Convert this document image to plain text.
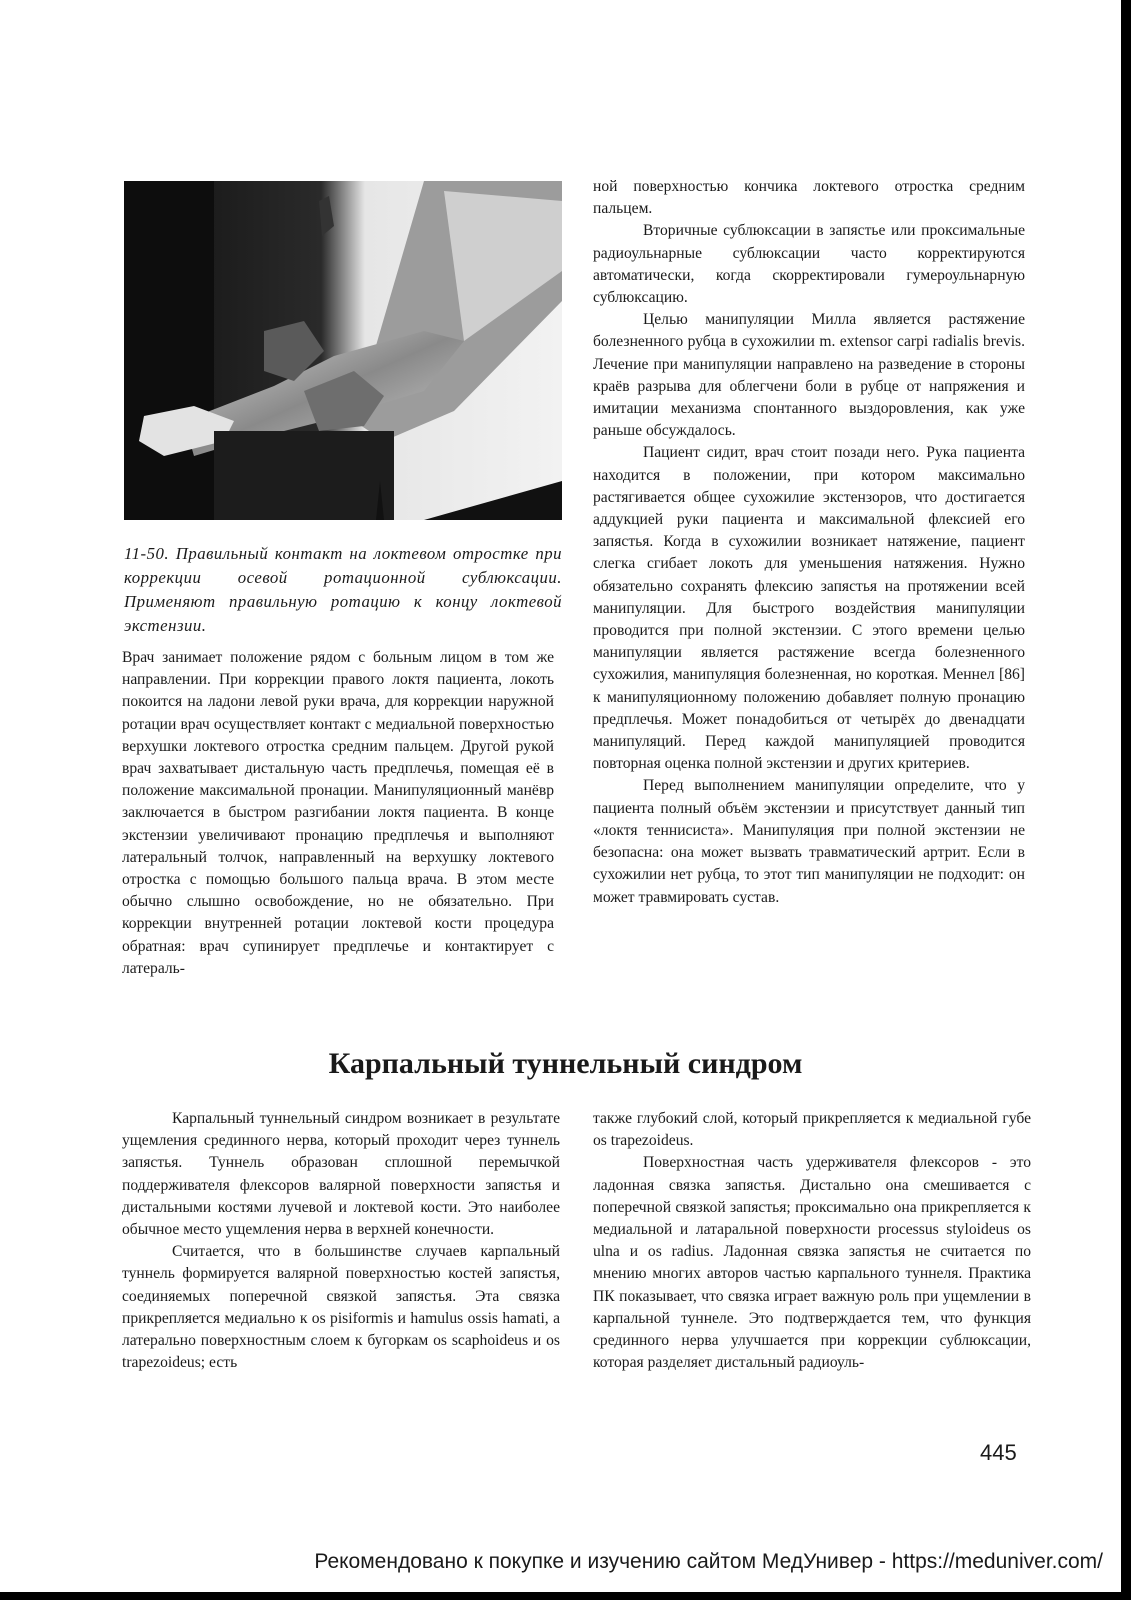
11-50. Правильный контакт на локтевом отростке при коррекции осевой ротационной сублюксации. Применяют правильную ротацию к концу локтевой экстензии.

Врач занимает положение рядом с больным лицом в том же направлении. При коррекции правого локтя пациента, локоть покоится на ладони левой руки врача, для коррекции наружной ротации врач осуществляет контакт с медиальной поверхностью верхушки локтевого отростка средним пальцем. Другой рукой врач захватывает дистальную часть предплечья, помещая её в положение максимальной пронации. Манипуляционный манёвр заключается в быстром разгибании локтя пациента. В конце экстензии увеличивают пронацию предплечья и выполняют латеральный толчок, направленный на верхушку локтевого отростка с помощью большого пальца врача. В этом месте обычно слышно освобождение, но не обязательно. При коррекции внутренней ротации локтевой кости процедура обратная: врач супинирует предплечье и контактирует с латераль-

ной поверхностью кончика локтевого отростка средним пальцем.

Вторичные сублюксации в запястье или проксимальные радиоульнарные сублюксации часто корректируются автоматически, когда скорректировали гумероульнарную сублюксацию.

Целью манипуляции Милла является растяжение болезненного рубца в сухожилии m. extensor carpi radialis brevis. Лечение при манипуляции направлено на разведение в стороны краёв разрыва для облегчени боли в рубце от напряжения и имитации механизма спонтанного выздоровления, как уже раньше обсуждалось.

Пациент сидит, врач стоит позади него. Рука пациента находится в положении, при котором максимально растягивается общее сухожилие экстензоров, что достигается аддукцией руки пациента и максимальной флексией его запястья. Когда в сухожилии возникает натяжение, пациент слегка сгибает локоть для уменьшения натяжения. Нужно обязательно сохранять флексию запястья на протяжении всей манипуляции. Для быстрого воздействия манипуляции проводится при полной экстензии. С этого времени целью манипуляции является растяжение всегда болезненного сухожилия, манипуляция болезненная, но короткая. Меннел [86] к манипуляционному положению добавляет полную пронацию предплечья. Может понадобиться от четырёх до двенадцати манипуляций. Перед каждой манипуляцией проводится повторная оценка полной экстензии и других критериев.

Перед выполнением манипуляции определите, что у пациента полный объём экстензии и присутствует данный тип «локтя теннисиста». Манипуляция при полной экстензии не безопасна: она может вызвать травматический артрит. Если в сухожилии нет рубца, то этот тип манипуляции не подходит: он может травмировать сустав.

Карпальный туннельный синдром

Карпальный туннельный синдром возникает в результате ущемления срединного нерва, который проходит через туннель запястья. Туннель образован сплошной перемычкой поддерживателя флексоров валярной поверхности запястья и дистальными костями лучевой и локтевой кости. Это наиболее обычное место ущемления нерва в верхней конечности.

Считается, что в большинстве случаев карпальный туннель формируется валярной поверхностью костей запястья, соединяемых поперечной связкой запястья. Эта связка прикрепляется медиально к os pisiformis и hamulus ossis hamati, а латерально поверхностным слоем к бугоркам os scaphoideus и os trapezoideus; есть

также глубокий слой, который прикрепляется к медиальной губе os trapezoideus.

Поверхностная часть удерживателя флексоров - это ладонная связка запястья. Дистально она смешивается с поперечной связкой запястья; проксимально она прикрепляется к медиальной и латаральной поверхности processus styloideus os ulna и os radius. Ладонная связка запястья не считается по мнению многих авторов частью карпального туннеля. Практика ПК показывает, что связка играет важную роль при ущемлении в карпальной туннеле. Это подтверждается тем, что функция срединного нерва улучшается при коррекции сублюксации, которая разделяет дистальный радиоуль-

445
Рекомендовано к покупке и изучению сайтом МедУнивер - https://meduniver.com/
